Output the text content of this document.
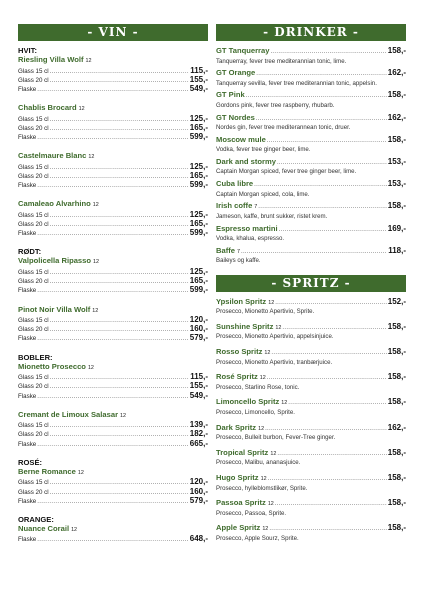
- VIN -
HVIT:
Riesling Villa Wolf 12
Glass 15 cl .....	115,-
Glass 20 cl .....	155,-
Flaske .....	549,-
Chablis Brocard 12
Glass 15 cl .....	125,-
Glass 20 cl .....	165,-
Flaske .....	599,-
Castelmaure Blanc 12
Glass 15 cl .....	125,-
Glass 20 cl .....	165,-
Flaske .....	599,-
Camaleao Alvarhino 12
Glass 15 cl .....	125,-
Glass 20 cl .....	165,-
Flaske .....	599,-
RØDT:
Valpolicella Ripasso 12
Glass 15 cl .....	125,-
Glass 20 cl .....	165,-
Flaske .....	599,-
Pinot Noir Villa Wolf 12
Glass 15 cl .....	120,-
Glass 20 cl .....	160,-
Flaske .....	579,-
BOBLER:
Mionetto Prosecco 12
Glass 15 cl .....	115,-
Glass 20 cl .....	155,-
Flaske .....	549,-
Cremant de Limoux Salasar 12
Glass 15 cl .....	139,-
Glass 20 cl .....	182,-
Flaske .....	665,-
ROSÉ:
Berne Romance 12
Glass 15 cl .....	120,-
Glass 20 cl .....	160,-
Flaske .....	579,-
ORANGE:
Nuance Corail 12
Flaske .....	648,-
- DRINKER -
GT Tanquerray .....	158,-
Tanquerray, fever tree mediterannian tonic, lime.
GT Orange .....	162,-
Tanquerray sevilla, fever tree mediterannian tonic, appelsin.
GT Pink .....	158,-
Gordons pink, fever tree raspberry, rhubarb.
GT Nordes .....	162,-
Nordes gin, fever tree mediterannean tonic, druer.
Moscow mule .....	158,-
Vodka, fever tree ginger beer, lime.
Dark and stormy .....	153,-
Captain Morgan spiced, fever tree ginger beer, lime.
Cuba libre .....	153,-
Captain Morgan spiced, cola, lime.
Irish coffe 7 .....	158,-
Jameson, kaffe, brunt sukker, ristet krem.
Espresso martini .....	169,-
Vodka, khalua, espresso.
Baffe 7 .....	118,-
Baileys og kaffe.
- SPRITZ -
Ypsilon Spritz 12 .....	152,-
Prosecco, Mionetto Apertivio, Sprite.
Sunshine Spritz 12 .....	158,-
Prosecco, Mionetto Apertivio, appelsinjuice.
Rosso Spritz 12 .....	158,-
Prosecco, Mionetto Apertivio, tranbærjuice.
Rosé Spritz 12 .....	158,-
Prosecco, Starlino Rose, tonic.
Limoncello Spritz 12 .....	158,-
Prosecco, Limoncello, Sprite.
Dark Spritz 12 .....	162,-
Prosecco, Bulleit burbon, Fever-Tree ginger.
Tropical Spritz 12 .....	158,-
Prosecco, Malibu, ananasjuice.
Hugo Spritz 12 .....	158,-
Prosecco, hylleblomstlikør, Sprite.
Passoa Spritz 12 .....	158,-
Prosecco, Passoa, Sprite.
Apple Spritz 12 .....	158,-
Prosecco, Apple Sourz, Sprite.
